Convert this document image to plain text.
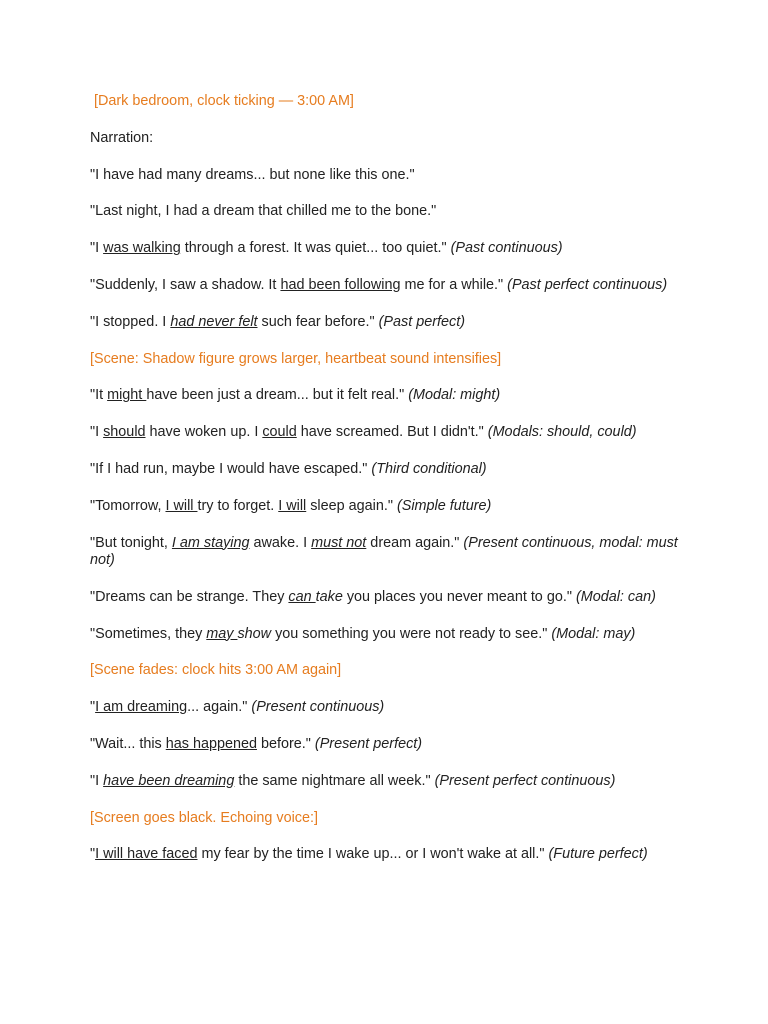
[Dark bedroom, clock ticking — 3:00 AM]

Narration:

"I have had many dreams... but none like this one."

"Last night, I had a dream that chilled me to the bone."

"I was walking through a forest. It was quiet... too quiet." (Past continuous)

"Suddenly, I saw a shadow. It had been following me for a while." (Past perfect continuous)

"I stopped. I had never felt such fear before." (Past perfect)

[Scene: Shadow figure grows larger, heartbeat sound intensifies]

"It might have been just a dream... but it felt real." (Modal: might)

"I should have woken up. I could have screamed. But I didn't." (Modals: should, could)

"If I had run, maybe I would have escaped." (Third conditional)

"Tomorrow, I will try to forget. I will sleep again." (Simple future)

"But tonight, I am staying awake. I must not dream again." (Present continuous, modal: must not)

"Dreams can be strange. They can take you places you never meant to go." (Modal: can)

"Sometimes, they may show you something you were not ready to see." (Modal: may)

[Scene fades: clock hits 3:00 AM again]

"I am dreaming... again." (Present continuous)

"Wait... this has happened before." (Present perfect)

"I have been dreaming the same nightmare all week." (Present perfect continuous)

[Screen goes black. Echoing voice:]

"I will have faced my fear by the time I wake up... or I won't wake at all." (Future perfect)
